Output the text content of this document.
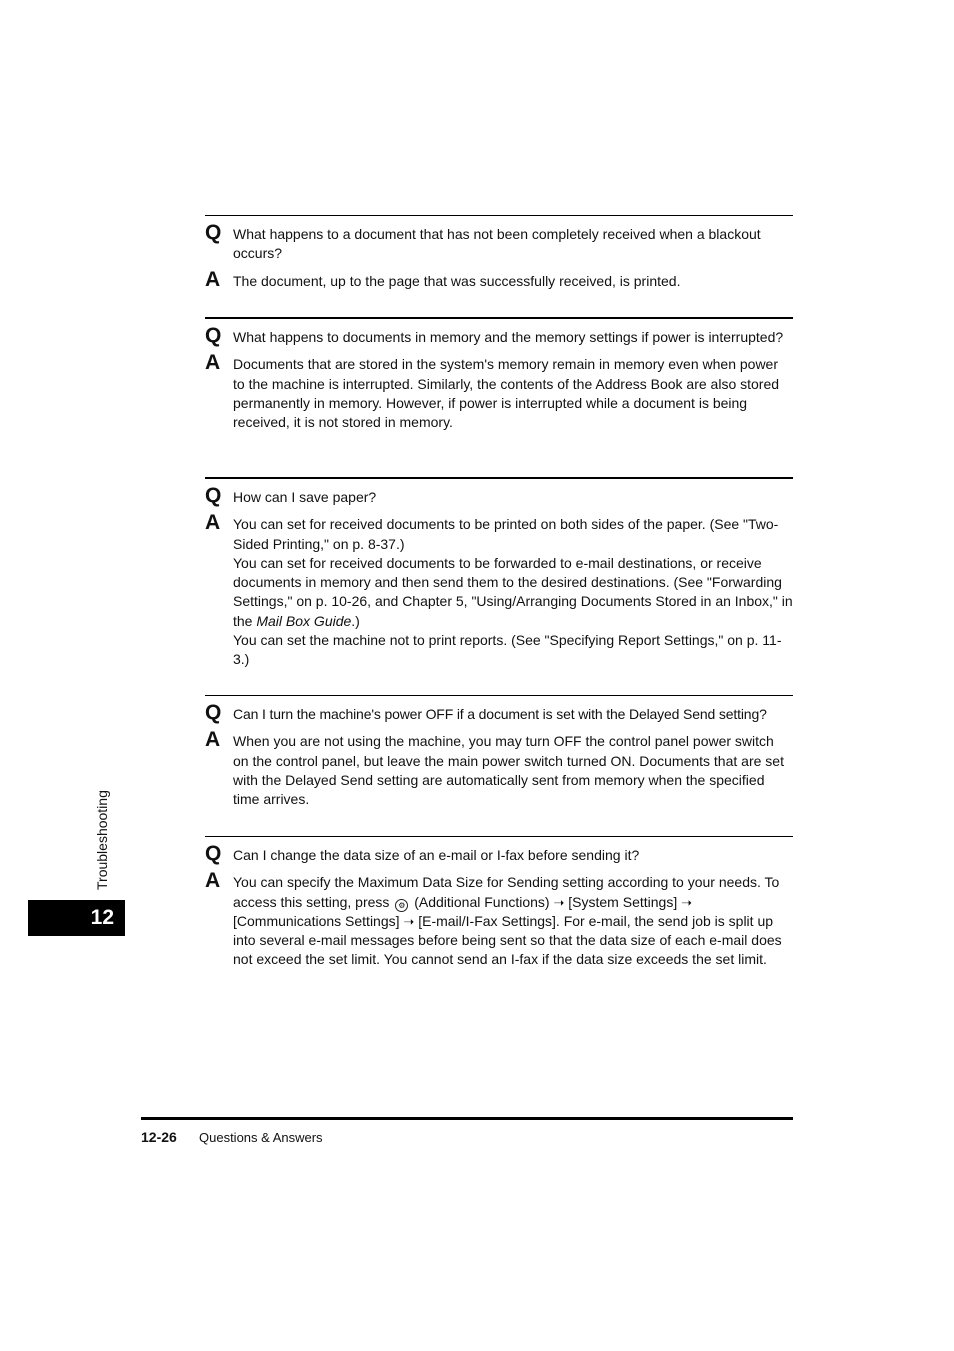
Q What happens to a document that has not been completely received when a blackout occurs?
A The document, up to the page that was successfully received, is printed.
Q What happens to documents in memory and the memory settings if power is interrupted?
A Documents that are stored in the system's memory remain in memory even when power to the machine is interrupted. Similarly, the contents of the Address Book are also stored permanently in memory. However, if power is interrupted while a document is being received, it is not stored in memory.
Q How can I save paper?
A You can set for received documents to be printed on both sides of the paper. (See "Two-Sided Printing," on p. 8-37.)
You can set for received documents to be forwarded to e-mail destinations, or receive documents in memory and then send them to the desired destinations. (See "Forwarding Settings," on p. 10-26, and Chapter 5, "Using/Arranging Documents Stored in an Inbox," in the Mail Box Guide.)
You can set the machine not to print reports. (See "Specifying Report Settings," on p. 11-3.)
Q Can I turn the machine's power OFF if a document is set with the Delayed Send setting?
A When you are not using the machine, you may turn OFF the control panel power switch on the control panel, but leave the main power switch turned ON. Documents that are set with the Delayed Send setting are automatically sent from memory when the specified time arrives.
Q Can I change the data size of an e-mail or I-fax before sending it?
A You can specify the Maximum Data Size for Sending setting according to your needs. To access this setting, press ⚙ (Additional Functions) ➝ [System Settings] ➝ [Communications Settings] ➝ [E-mail/I-Fax Settings]. For e-mail, the send job is split up into several e-mail messages before being sent so that the data size of each e-mail does not exceed the set limit. You cannot send an I-fax if the data size exceeds the set limit.
Troubleshooting
12
12-26 Questions & Answers
